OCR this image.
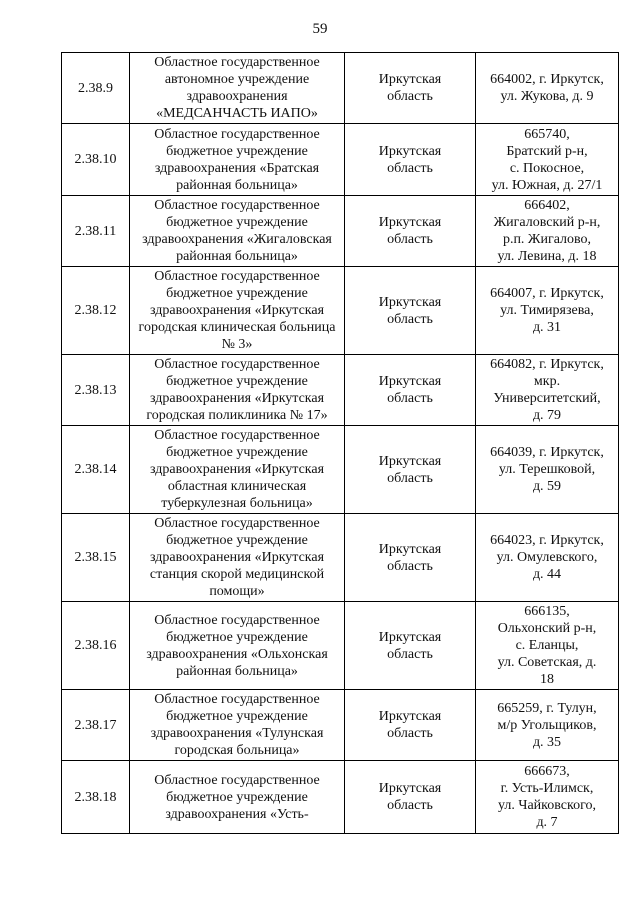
59
2.38.9	Областное государственное
автономное учреждение
здравоохранения
«МЕДСАНЧАСТЬ ИАПО»	Иркутская
область	664002, г. Иркутск,
ул. Жукова, д. 9
2.38.10	Областное государственное
бюджетное учреждение
здравоохранения «Братская
районная больница»	Иркутская
область	665740,
Братский р-н,
с. Покосное,
ул. Южная, д. 27/1
2.38.11	Областное государственное
бюджетное учреждение
здравоохранения «Жигаловская
районная больница»	Иркутская
область	666402,
Жигаловский р-н,
р.п. Жигалово,
ул. Левина, д. 18
2.38.12	Областное государственное
бюджетное учреждение
здравоохранения «Иркутская
городская клиническая больница
№ 3»	Иркутская
область	664007, г. Иркутск,
ул. Тимирязева,
д. 31
2.38.13	Областное государственное
бюджетное учреждение
здравоохранения «Иркутская
городская поликлиника № 17»	Иркутская
область	664082, г. Иркутск,
мкр.
Университетский,
д. 79
2.38.14	Областное государственное
бюджетное учреждение
здравоохранения «Иркутская
областная клиническая
туберкулезная больница»	Иркутская
область	664039, г. Иркутск,
ул. Терешковой,
д. 59
2.38.15	Областное государственное
бюджетное учреждение
здравоохранения «Иркутская
станция скорой медицинской
помощи»	Иркутская
область	664023, г. Иркутск,
ул. Омулевского,
д. 44
2.38.16	Областное государственное
бюджетное учреждение
здравоохранения «Ольхонская
районная больница»	Иркутская
область	666135,
Ольхонский р-н,
с. Еланцы,
ул. Советская, д.
18
2.38.17	Областное государственное
бюджетное учреждение
здравоохранения «Тулунская
городская больница»	Иркутская
область	665259, г. Тулун,
м/р Угольщиков,
д. 35
2.38.18	Областное государственное
бюджетное учреждение
здравоохранения «Усть-	Иркутская
область	666673,
г. Усть-Илимск,
ул. Чайковского,
д. 7
